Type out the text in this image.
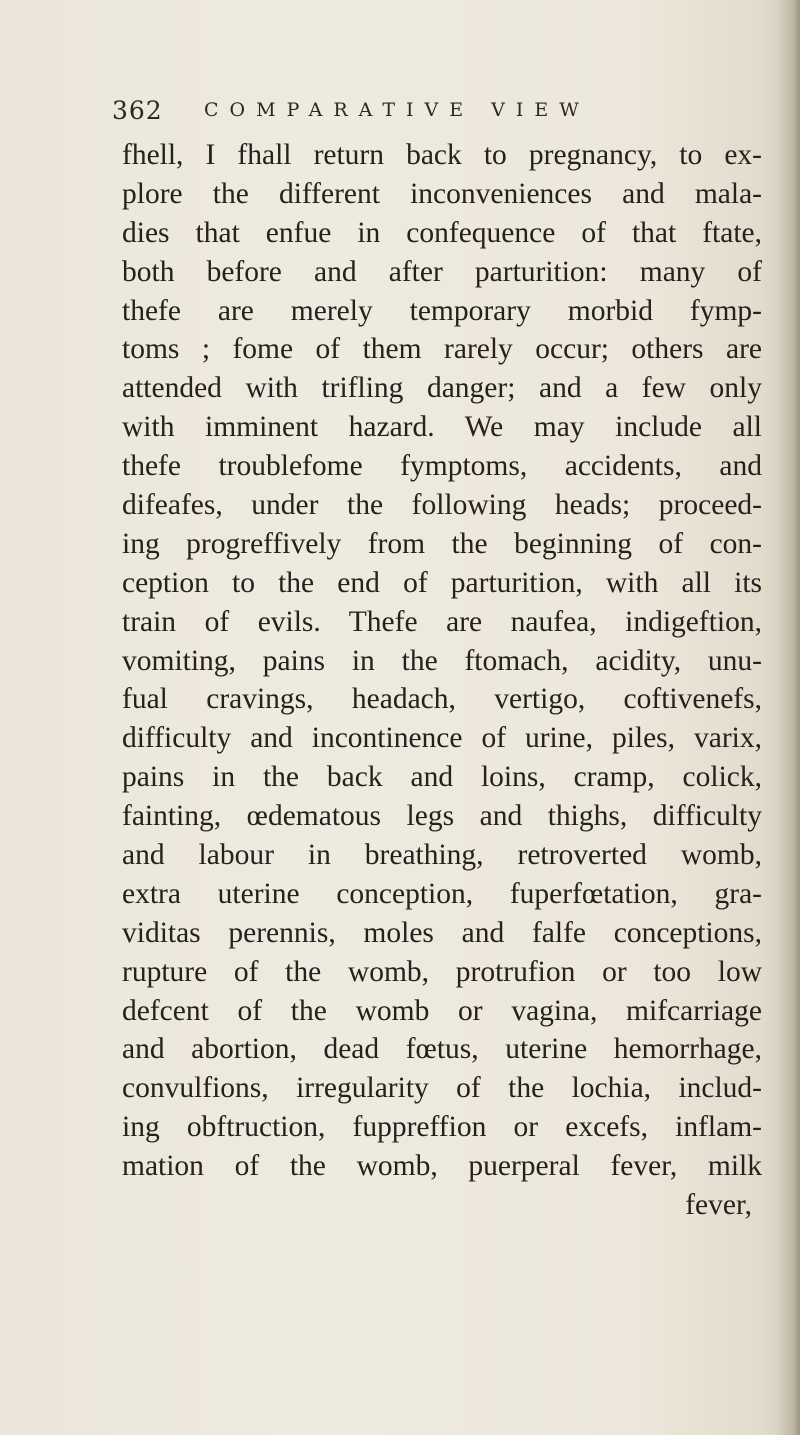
362 COMPARATIVE VIEW
fhell, I fhall return back to pregnancy, to ex-
plore the different inconveniences and mala-
dies that enfue in confequence of that ftate,
both before and after parturition: many of
thefe are merely temporary morbid fymp-
toms ; fome of them rarely occur; others are
attended with trifling danger; and a few only
with imminent hazard. We may include all
thefe troublefome fymptoms, accidents, and
difeafes, under the following heads; proceed-
ing progreffively from the beginning of con-
ception to the end of parturition, with all its
train of evils. Thefe are naufea, indigeftion,
vomiting, pains in the ftomach, acidity, unu-
fual cravings, headach, vertigo, coftivenefs,
difficulty and incontinence of urine, piles, varix,
pains in the back and loins, cramp, colick,
fainting, œdematous legs and thighs, difficulty
and labour in breathing, retroverted womb,
extra uterine conception, fuperfœtation, gra-
viditas perennis, moles and falfe conceptions,
rupture of the womb, protrufion or too low
defcent of the womb or vagina, mifcarriage
and abortion, dead fœtus, uterine hemorrhage,
convulfions, irregularity of the lochia, includ-
ing obftruction, fuppreffion or excefs, inflam-
mation of the womb, puerperal fever, milk
fever,
